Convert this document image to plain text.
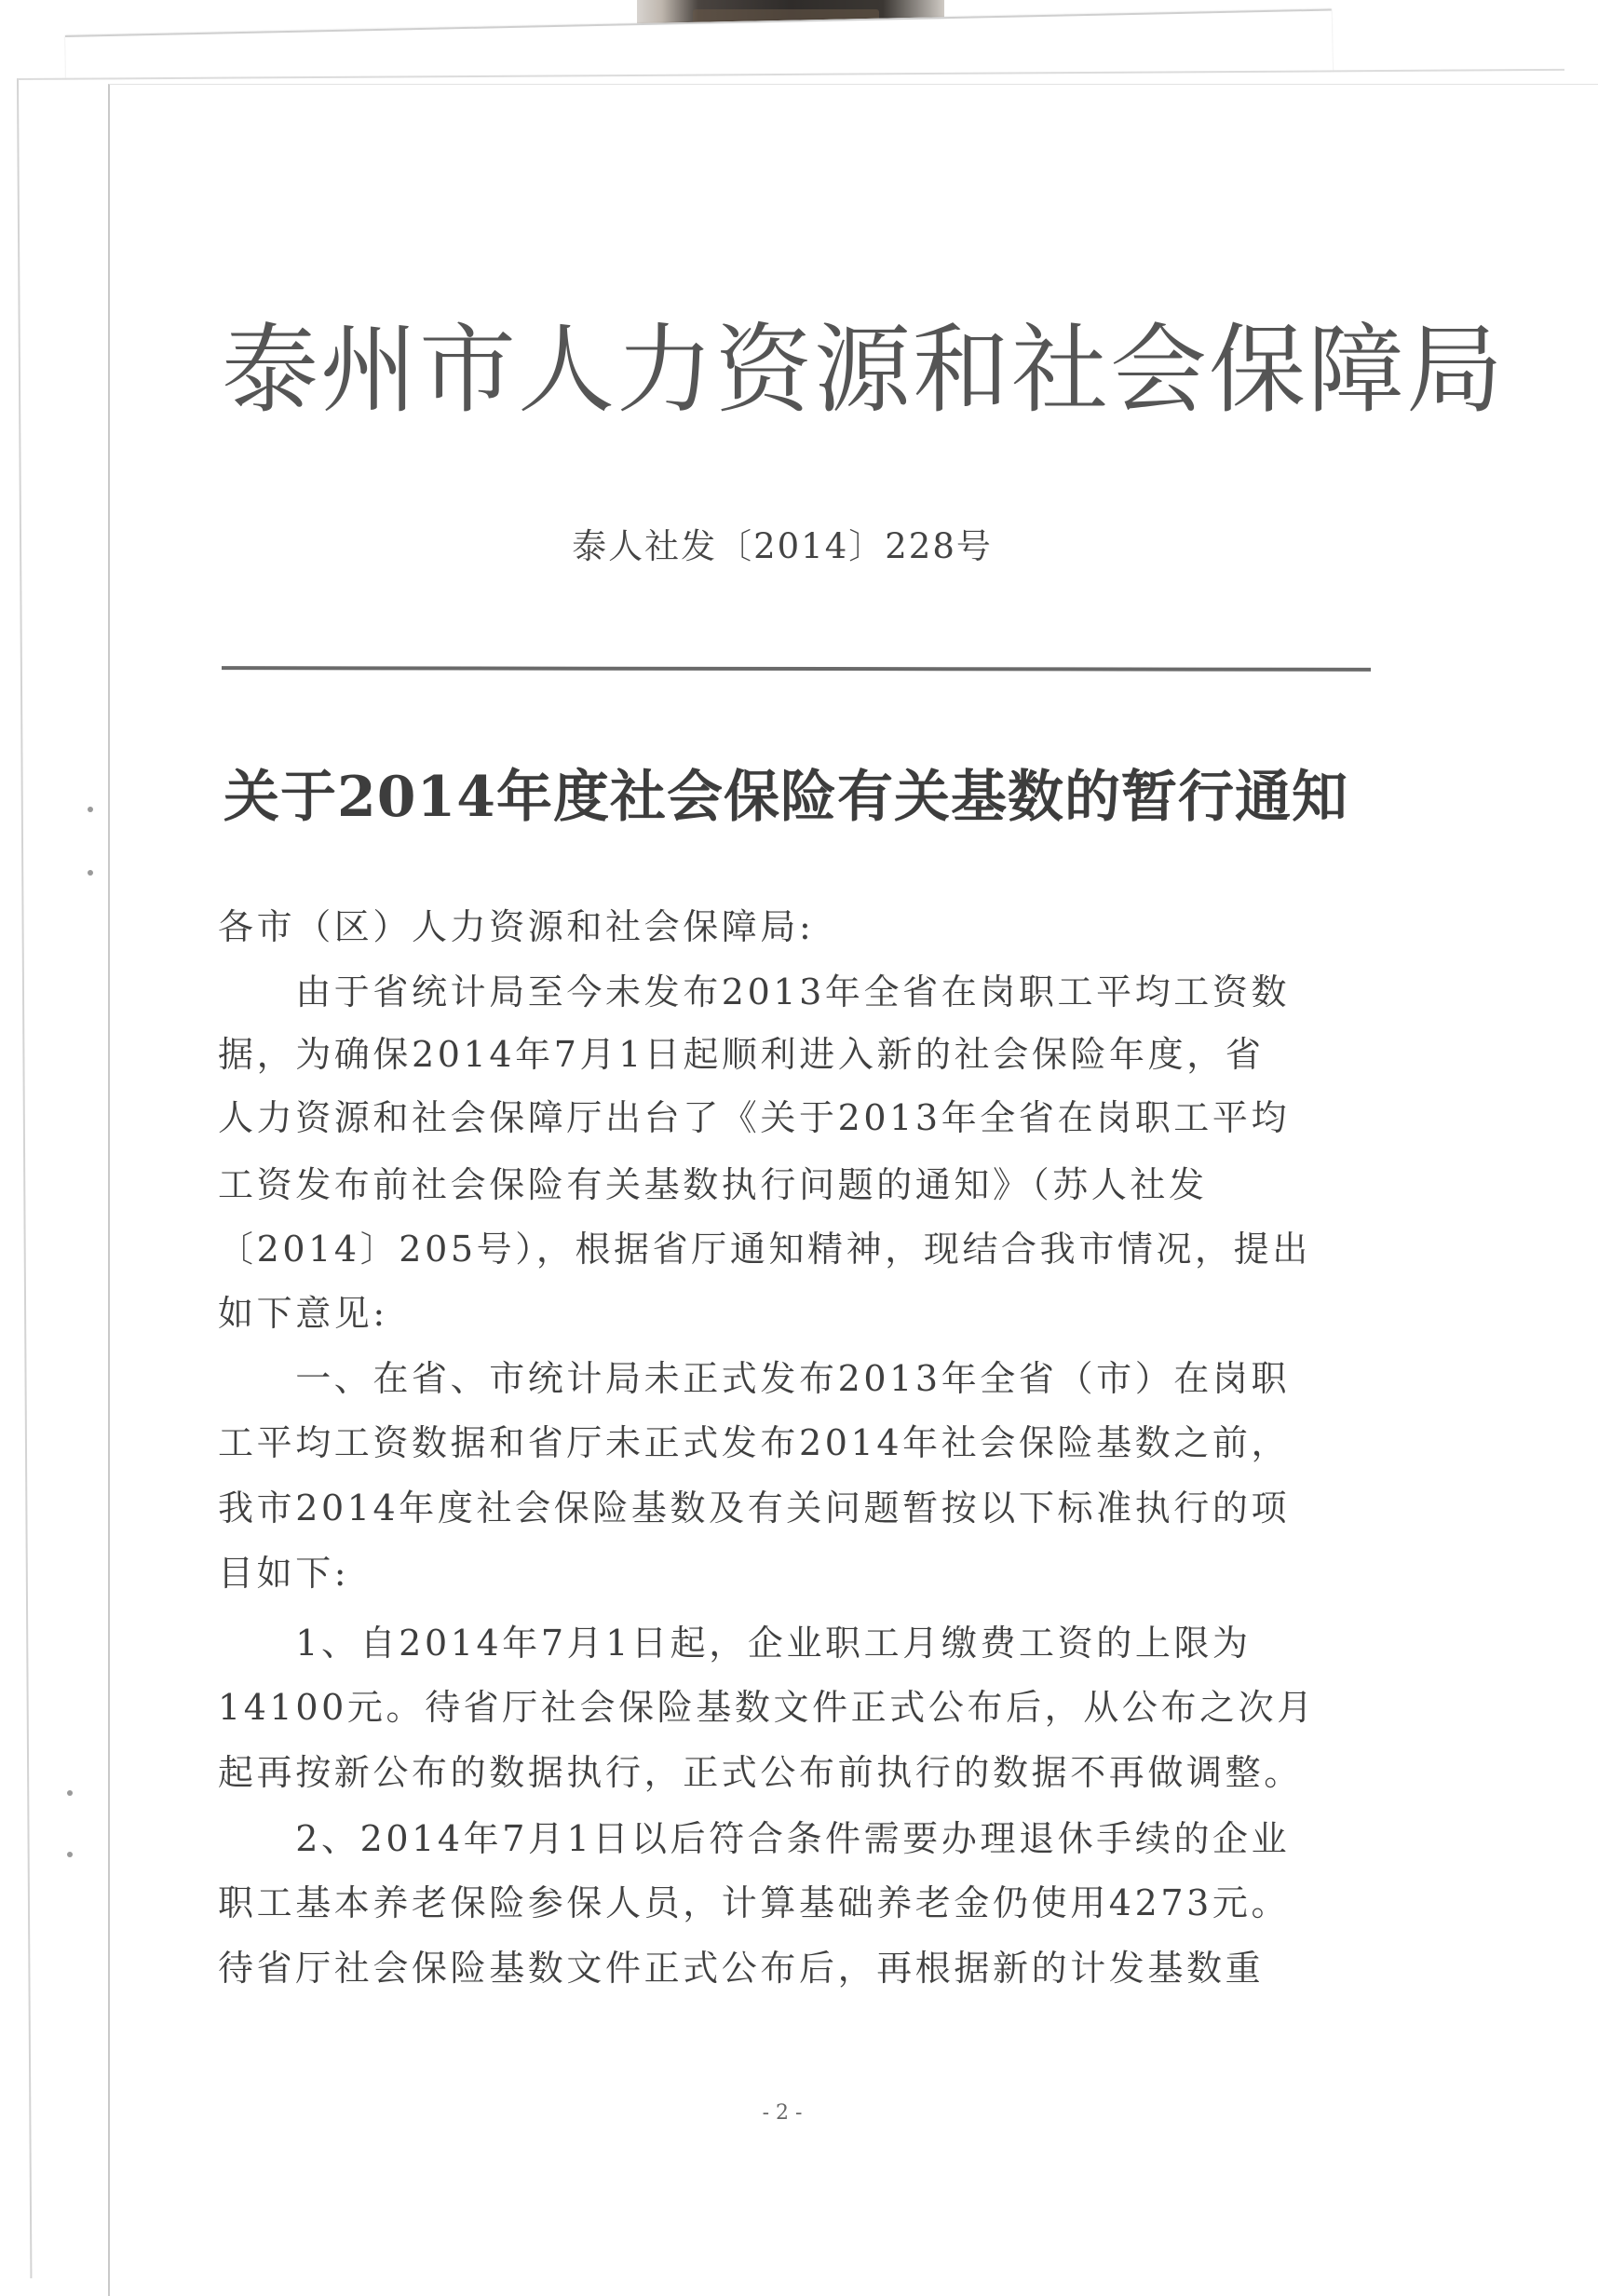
泰州市人力资源和社会保障局
泰人社发〔2014〕228号
关于2014年度社会保险有关基数的暂行通知
各市（区）人力资源和社会保障局:
　　由于省统计局至今未发布2013年全省在岗职工平均工资数
据，为确保2014年7月1日起顺利进入新的社会保险年度，省
人力资源和社会保障厅出台了《关于2013年全省在岗职工平均
工资发布前社会保险有关基数执行问题的通知》（苏人社发
〔2014〕205号），根据省厅通知精神，现结合我市情况，提出
如下意见:
　　一、在省、市统计局未正式发布2013年全省（市）在岗职
工平均工资数据和省厅未正式发布2014年社会保险基数之前，
我市2014年度社会保险基数及有关问题暂按以下标准执行的项
目如下:
　　1、自2014年7月1日起，企业职工月缴费工资的上限为
14100元。待省厅社会保险基数文件正式公布后，从公布之次月
起再按新公布的数据执行，正式公布前执行的数据不再做调整。
　　2、2014年7月1日以后符合条件需要办理退休手续的企业
职工基本养老保险参保人员，计算基础养老金仍使用4273元。
待省厅社会保险基数文件正式公布后，再根据新的计发基数重
- 2 -
